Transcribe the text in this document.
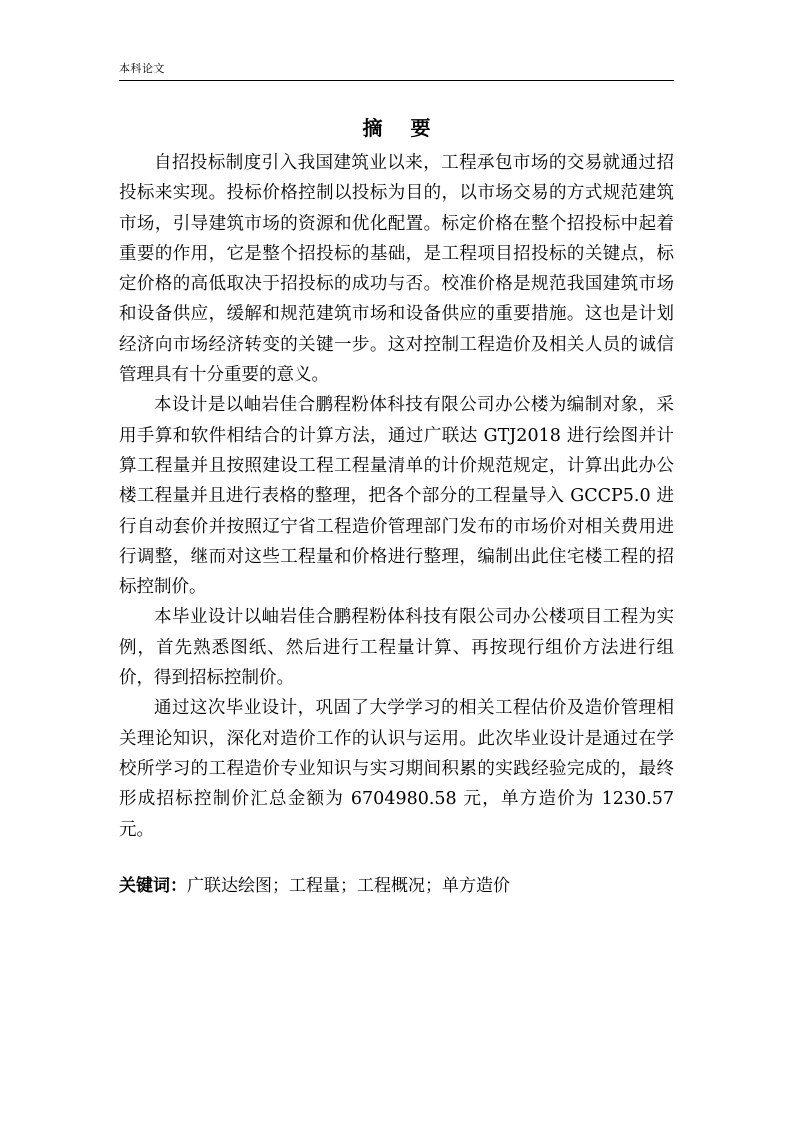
本科论文
摘要

自招投标制度引入我国建筑业以来，工程承包市场的交易就通过招投标来实现。投标价格控制以投标为目的，以市场交易的方式规范建筑市场，引导建筑市场的资源和优化配置。标定价格在整个招投标中起着重要的作用，它是整个招投标的基础，是工程项目招投标的关键点，标定价格的高低取决于招投标的成功与否。校准价格是规范我国建筑市场和设备供应，缓解和规范建筑市场和设备供应的重要措施。这也是计划经济向市场经济转变的关键一步。这对控制工程造价及相关人员的诚信管理具有十分重要的意义。

本设计是以岫岩佳合鹏程粉体科技有限公司办公楼为编制对象，采用手算和软件相结合的计算方法，通过广联达 GTJ2018 进行绘图并计算工程量并且按照建设工程工程量清单的计价规范规定，计算出此办公楼工程量并且进行表格的整理，把各个部分的工程量导入 GCCP5.0 进行自动套价并按照辽宁省工程造价管理部门发布的市场价对相关费用进行调整，继而对这些工程量和价格进行整理，编制出此住宅楼工程的招标控制价。

本毕业设计以岫岩佳合鹏程粉体科技有限公司办公楼项目工程为实例，首先熟悉图纸、然后进行工程量计算、再按现行组价方法进行组价，得到招标控制价。

通过这次毕业设计，巩固了大学学习的相关工程估价及造价管理相关理论知识，深化对造价工作的认识与运用。此次毕业设计是通过在学校所学习的工程造价专业知识与实习期间积累的实践经验完成的，最终形成招标控制价汇总金额为 6704980.58 元，单方造价为 1230.57 元。

关键词：广联达绘图；工程量；工程概况；单方造价
